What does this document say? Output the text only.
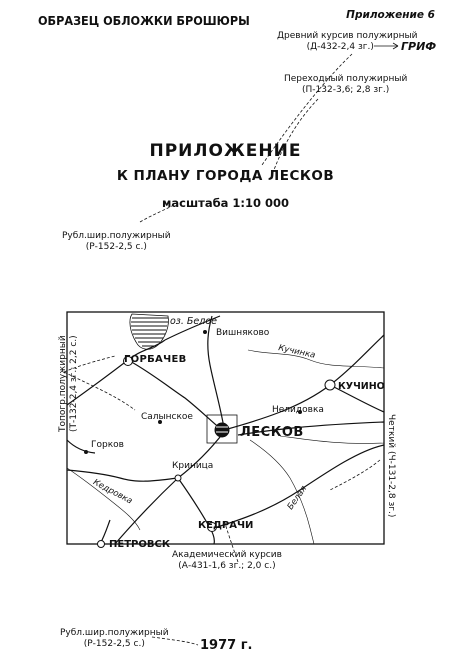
ОБРАЗЕЦ ОБЛОЖКИ БРОШЮРЫ	Приложение 6
Древний курсив полужирный
(Д-432-2,4 зг.)	ГРИФ
Переходный полужирный
(П-132-3,6; 2,8 зг.)
ПРИЛОЖЕНИЕ
К ПЛАНУ ГОРОДА ЛЕСКОВ
масштаба 1:10 000
Рубл.шир.полужирный
(Р-152-2,5 с.)
оз. Белое
Вишняково
ГОРБАЧЕВ	Кучинка
КУЧИНО
Нелидовка
Салынское
ЛЕСКОВ
Горков
Криница
Кедровка	Белая
КЕДРАЧИ
ПЕТРОВСК
Топогр.полужирный (Т-132-2,4 зг.; 2,2 с.)
Четкий (Ч-131-2,8 зг.)
Академический курсив
(А-431-1,6 зг.; 2,0 с.)
Рубл.шир.полужирный
(Р-152-2,5 с.)	1977 г.
